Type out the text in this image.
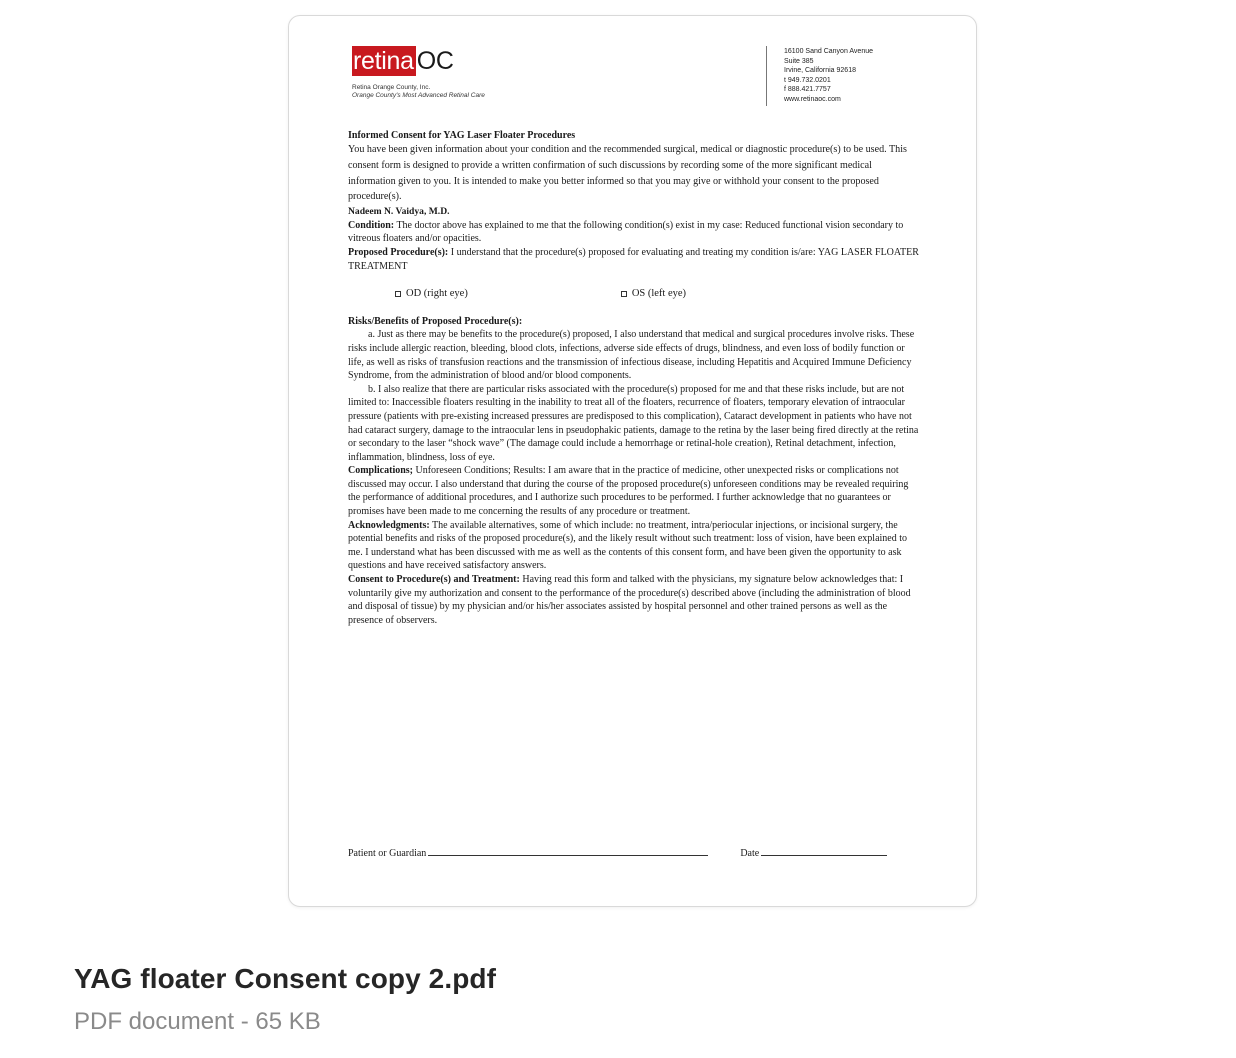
retina OC
Retina Orange County, Inc.
Orange County's Most Advanced Retinal Care
16100 Sand Canyon Avenue
Suite 385
Irvine, California 92618
t 949.732.0201
f 888.421.7757
www.retinaoc.com

Informed Consent for YAG Laser Floater Procedures

You have been given information about your condition and the recommended surgical, medical or diagnostic procedure(s) to be used. This consent form is designed to provide a written confirmation of such discussions by recording some of the more significant medical information given to you. It is intended to make you better informed so that you may give or withhold your consent to the proposed procedure(s).

Nadeem N. Vaidya, M.D.

Condition: The doctor above has explained to me that the following condition(s) exist in my case: Reduced functional vision secondary to vitreous floaters and/or opacities.

Proposed Procedure(s): I understand that the procedure(s) proposed for evaluating and treating my condition is/are: YAG LASER FLOATER TREATMENT

OD (right eye)	OS (left eye)

Risks/Benefits of Proposed Procedure(s):

a. Just as there may be benefits to the procedure(s) proposed, I also understand that medical and surgical procedures involve risks. These risks include allergic reaction, bleeding, blood clots, infections, adverse side effects of drugs, blindness, and even loss of bodily function or life, as well as risks of transfusion reactions and the transmission of infectious disease, including Hepatitis and Acquired Immune Deficiency Syndrome, from the administration of blood and/or blood components.

b. I also realize that there are particular risks associated with the procedure(s) proposed for me and that these risks include, but are not limited to: Inaccessible floaters resulting in the inability to treat all of the floaters, recurrence of floaters, temporary elevation of intraocular pressure (patients with pre-existing increased pressures are predisposed to this complication), Cataract development in patients who have not had cataract surgery, damage to the intraocular lens in pseudophakic patients, damage to the retina by the laser being fired directly at the retina or secondary to the laser “shock wave” (The damage could include a hemorrhage or retinal-hole creation), Retinal detachment, infection, inflammation, blindness, loss of eye.

Complications; Unforeseen Conditions; Results: I am aware that in the practice of medicine, other unexpected risks or complications not discussed may occur. I also understand that during the course of the proposed procedure(s) unforeseen conditions may be revealed requiring the performance of additional procedures, and I authorize such procedures to be performed. I further acknowledge that no guarantees or promises have been made to me concerning the results of any procedure or treatment.

Acknowledgments: The available alternatives, some of which include: no treatment, intra/periocular injections, or incisional surgery, the potential benefits and risks of the proposed procedure(s), and the likely result without such treatment: loss of vision, have been explained to me. I understand what has been discussed with me as well as the contents of this consent form, and have been given the opportunity to ask questions and have received satisfactory answers.

Consent to Procedure(s) and Treatment: Having read this form and talked with the physicians, my signature below acknowledges that: I voluntarily give my authorization and consent to the performance of the procedure(s) described above (including the administration of blood and disposal of tissue) by my physician and/or his/her associates assisted by hospital personnel and other trained persons as well as the presence of observers.

Patient or Guardian	Date
YAG floater Consent copy 2.pdf
PDF document - 65 KB
